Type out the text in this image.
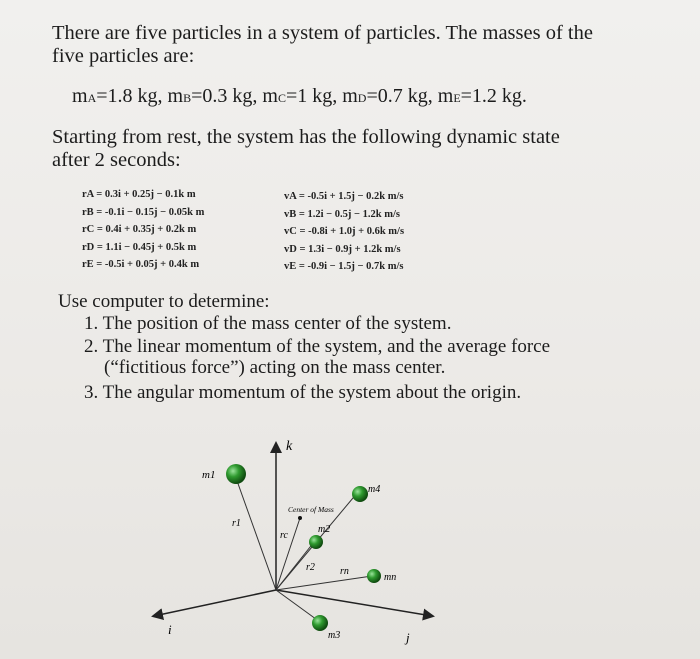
There are five particles in a system of particles. The masses of the
five particles are:
mA=1.8 kg, mB=0.3 kg, mC=1 kg, mD=0.7 kg, mE=1.2 kg.
Starting from rest, the system has the following dynamic state
after 2 seconds:
rA = 0.3i + 0.25j − 0.1k m
rB = -0.1i − 0.15j − 0.05k m
rC = 0.4i + 0.35j + 0.2k m
rD = 1.1i − 0.45j + 0.5k m
rE = -0.5i + 0.05j + 0.4k m
vA = -0.5i + 1.5j − 0.2k m/s
vB = 1.2i − 0.5j − 1.2k m/s
vC = -0.8i + 1.0j + 0.6k m/s
vD = 1.3i − 0.9j + 1.2k m/s
vE = -0.9i − 1.5j − 0.7k m/s
Use computer to determine:
1. The position of the mass center of the system.
2. The linear momentum of the system, and the average force
(“fictitious force”) acting on the mass center.
3. The angular momentum of the system about the origin.
k
i
j
Center of Mass
m1
m4
m2
mn
m3
r1
rc
r2	rn
